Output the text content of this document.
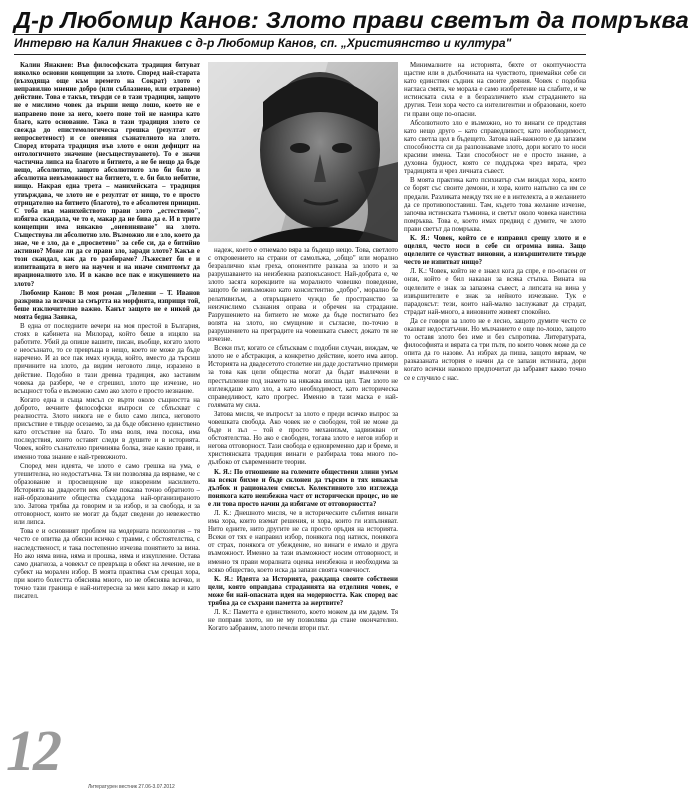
Д-р Любомир Канов: Злото прави светът да помръква
Интервю на Калин Янакиев с д-р Любомир Канов, сп. „Християнство и култура"

Калин Янакиев: Във философската традиция битуват няколко основни концепции за злото. Според най-старата (възходяща още към времето на Сократ) злото е неправилно мнение добро (или съблазнено, или отравено) действие. Това е такъв, твърди се в тази традиция, защото не е мислимо човек да върши нещо лошо, което не е направено поне за него, което поне той не намира като благо, като основание. Така в тази традиция злото се свежда до епистемологическа грешка (резултат от непросветеност) и се оневиня съзнателното на злото. Според втората традиция във злото е онзи дефицит на онтологичното значение (несъществуването). То е значи частична липса на благото и битието, а не бе нещо да бъде нещо, абсолютно, защото абсолютното зло би било и абсолютна невъзможност на битието, т. е. би било небитие, нищо. Накрая една трета – манихейската – традиция утвърждава, че злото не е резултат от нищо, то е просто отрицателно на битието (благото), то е абсолютен принцип. С тоба във манихейството прави злото „естествено", избягва скандала, че то е, макар да не бива да е. И в трите концепции има някакво „оневиняване" на злото. Съществува ли абсолютно зло. Възможно ли е зло, което да знае, че е зло, да е „просветено" за себе си, да е битийно активно? Може ли да се прави зло, заради злото? Какъв е този скандал, как да го разбираме? Лъжесвет би е и изпитващата в него на научен и на иначе симптомът да ирационалното зло. И в какво все пак е изкушението на злото?

Любомир Канов: В моя роман „Лелеяни – Т. Иванов разкрива за всички за смъртта на морфията, изприщя той, беше изключително важно. Канът защото не е никой да моята бедна Заявка,

В една от последните вечери на моя престой в България, стоях в кабинета на Милорад, който беше в изцяло на работите. Убий да опише вашите, писан, въобще, когато злото е неосъзнато, то се превръща в нещо, което не може да бъде наречено. И аз все пак имах нужда, който, вместо да търсиш причините на злото, да видим неговото лице, изразено в действие. Подобно в тази древна традиция, ако заставим човека да разбере, че е сгрешил, злото ще изчезне, но всъщност тоба е възможно само ако злото е просто незнание.

Когато една и съща мисъл се върти около същността на доброто, вечните философски въпроси се сблъскват с реалността. Злото никога не е било само липса, неговото присъствие е твърде осезаемо, за да бъде обяснено единствено като отсъствие на благо. То има воля, има посока, има последствия, които оставят следи в душите и в историята. Човек, който съзнателно причинява болка, знае какво прави, и именно това знание е най-тревожното.

Според мен идеята, че злото е само грешка на ума, е утешителна, но недостатъчна. Тя ни позволява да вярваме, че с образование и просвещение ще изкореним насилието. Историята на двадесети век обаче показва точно обратното – най-образованите общества създадоха най-организираното зло. Затова трябва да говорим и за избор, и за свобода, и за отговорност, които не могат да бъдат сведени до невежество или липса.

Това е и основният проблем на модерната психология – тя често се опитва да обясни всичко с травми, с обстоятелства, с наследственост, и така постепенно изчезва понятието за вина. Но ако няма вина, няма и прошка, няма и изкупление. Остава само диагноза, а човекът се превръща в обект на лечение, не в субект на морален избор. В моята практика съм срещал хора, при които болестта обяснява много, но не обяснява всичко, и точно тази граница е най-интересна за мен като лекар и като писател.

надеж, което е отнемало вяра за бъдещо нещо. Това, светлото с откровението на страни от самолъжа, „общо" или морално безразлично към греха, опонентите разказа за злото и за разрушаването на неизбежна разпокъсаност. Най-добрата е, че злото засяга корекциите на моралното човешко поведение, защото бе невъзможно като консистентно „добро", морално бе релативизъм, а отвръщането чуждо бе пространство за неизчислимо съзнания оправа и обречен на страдание. Разрушението на битието не може да бъде постигнато без волята на злото, но смущение и съгласие, по-точно в разрушението на преградите на човешката съвест, докато тя не изчезне.

Всеки път, когато се сблъсквам с подобни случаи, виждам, че злото не е абстракция, а конкретно действие, което има автор. Историята на двадесетото столетие ни даде достатъчно примери за това как цели общества могат да бъдат въвлечени в престъпление под знамето на някаква висша цел. Там злото не изглеждаше като зло, а като необходимост, като историческа справедливост, като прогрес. Именно в тази маска е най-голямата му сила.

Затова мисля, че въпросът за злото е преди всичко въпрос за човешката свобода. Ако човек не е свободен, той не може да бъде и зъл – той е просто механизъм, задвижван от обстоятелства. Но ако е свободен, тогава злото е негов избор и негова отговорност. Тази свобода е едновременно дар и бреме, и християнската традиция винаги е разбирала това много по-дълбоко от съвременните теории.

К. Я.: По отношение на големите обществени злини умъм на всеки бихме и бъде склонен да търсим в тях някакъв дълбок и рационален смисъл. Колективното зло изглежда понякога като неизбежна част от исторически процес, но не е ли това просто начин да избягаме от отговорността?

Л. К.: Днешното мисля, че в историческите събития винаги има хора, които вземат решения, и хора, които ги изпълняват. Нито едните, нито другите не са просто оръдия на историята. Всеки от тях е направил избор, понякога под натиск, понякога от страх, понякога от убеждение, но винаги е имало и друга възможност. Именно за тази възможност носим отговорност, и именно тя прави моралната оценка неизбежна и необходима за всяко общество, което иска да запази своята човечност.

К. Я.: Идеята за Историята, раждаща своите собствени цели, която оправдава страданията на отделния човек, е може би най-опасната идея на модерността. Как според вас трябва да се съхрани паметта за жертвите?

Л. К.: Паметта е единственото, което можем да им дадем. Тя не поправя злото, но не му позволява да стане окончателно. Когато забравим, злото печели втори път.

Минималните на историята, бяхте от окоптучността щастие или в дълбочината на чувството, приемайки себе си като единствен съдник на своите деяния. Човек с подобна нагласа смята, че морала е само изобретение на слабите, и че истинската сила е в безразличието към страданието на другия. Тези хора често са интелигентни и образовани, което ги прави още по-опасни.

Абсолютното зло е възможно, но то винаги се представя като нещо друго – като справедливост, като необходимост, като светла цел в бъдещето. Затова най-важното е да запазим способността си да разпознаваме злото, дори когато то носи красиви имена. Тази способност не е просто знание, а духовна будност, която се поддържа чрез вярата, чрез традицията и чрез личната съвест.

В моята практика като психиатър съм виждал хора, които се борят със своите демони, и хора, които напълно са им се предали. Разликата между тях не е в интелекта, а в желанието да се противопоставиш. Там, където това желание изчезне, започва истинската тъмнина, и светът около човека наистина помръква. Това е, което имах предвид с думите, че злото прави светът да помръква.

К. Я.: Човек, който се е изправил срещу злото и е оцелял, често носи в себе си огромна вина. Защо оцелелите се чувстват виновни, а извършителите твърде често не изпитват нищо?

Л. К.: Човек, който не е знаел кога да спре, е по-опасен от онзи, който е бил наказан за всяка стъпка. Вината на оцелелите е знак за запазена съвест, а липсата на вина у извършителите е знак за нейното изчезване. Тук е парадоксът: тези, които най-малко заслужават да страдат, страдат най-много, а виновните живеят спокойно.

Да се говори за злото не е лесно, защото думите често се оказват недостатъчни. Но мълчанието е още по-лошо, защото то оставя злото без име и без съпротива. Литературата, философията и вярата са три пътя, по които човек може да се опита да го назове. Аз избрах да пиша, защото вярвам, че разказаната история е начин да се запази истината, дори когато всички наоколо предпочитат да забравят какво точно се е случило с нас.

12
Литературен вестник 27.06-3.07.2012
